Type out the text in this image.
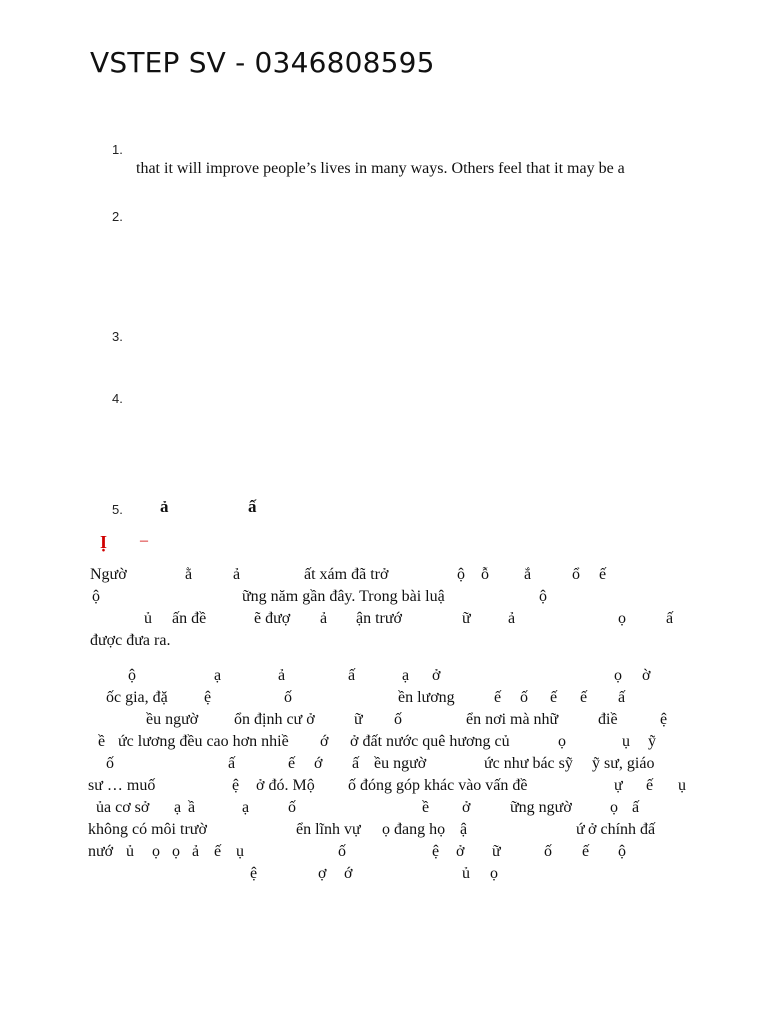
VSTEP SV - 0346808595
1.
that it will improve people’s lives in many ways. Others feel that it may be a
2.
3.
4.
5. ả	ấ
Ị –
Ngườ	ằ	ả	ất xám đã trở	ộ ỗ ắ	ổ ế
ộ	ững năm gần đây. Trong bài luậ	ộ
ủ ấn đề	ẽ đượ ả ận trướ	ữ ả	ọ	ấ
được đưa ra.
ộ	ạ	ả	ấ	ạ ở	ọ ờ
ốc gia, đặ ệ	ố	ền lương ế ố ế ế ấ
ều ngườ ổn định cư ở ữ ố	ển nơi mà nhữ điề	ệ
ề ức lương đều cao hơn nhiề ớ ở đất nước quê hương củ	ọ	ụ ỹ
ố	ấ	ế ớ ấ ều ngườ	ức như bác sỹ ỹ sư, giáo
sư … muố	ệ ở đó. Mộ ố đóng góp khác vào vấn đề	ự ế ụ
ủa cơ sở ạ ầ	ạ ố	ề ở ững ngườ ọ ấ
không có môi trườ	ển lĩnh vự ọ đang họ ậ	ứ ở chính đấ
nướ ủ ọ ọ ả ế ụ	ố	ệ ở ữ	ố ế ộ
ệ	ợ ớ	ủ ọ
